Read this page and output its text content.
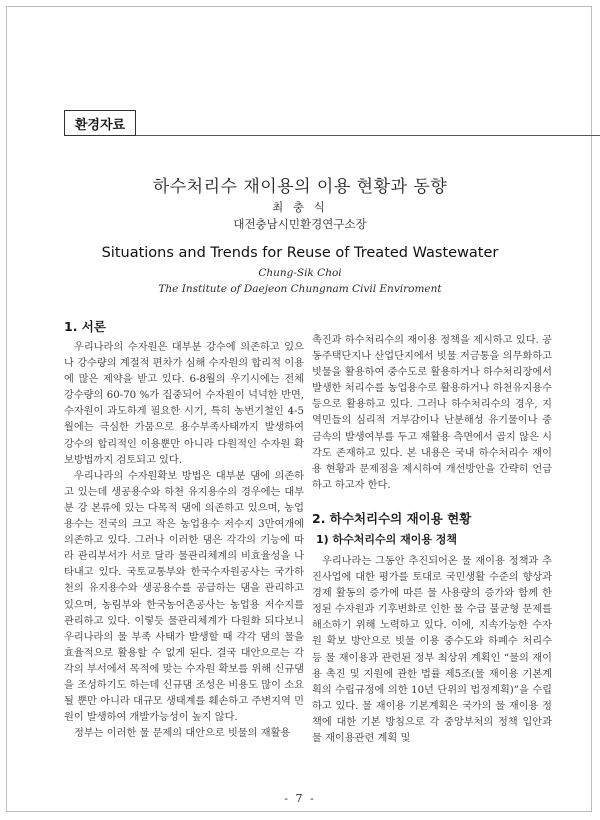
환경자료
하수처리수 재이용의 이용 현황과 동향
최 충 식
대전충남시민환경연구소장
Situations and Trends for Reuse of Treated Wastewater
Chung-Sik Choi
The Institute of Daejeon Chungnam Civil Enviroment
1. 서론

우리나라의 수자원은 대부분 강수에 의존하고 있으나 강수량의 계절적 편차가 심해 수자원의 합리적 이용에 많은 제약을 받고 있다. 6-8월의 우기시에는 전체 강수량의 60-70 %가 집중되어 수자원이 넉넉한 반면, 수자원이 과도하게 필요한 시기, 특히 농번기철인 4-5월에는 극심한 가뭄으로 용수부족사태까지 발생하여 강수의 합리적인 이용뿐만 아니라 다원적인 수자원 확보방법까지 검토되고 있다.

우리나라의 수자원확보 방법은 대부분 댐에 의존하고 있는데 생공용수와 하천 유지용수의 경우에는 대부분 강 본류에 있는 다목적 댐에 의존하고 있으며, 농업용수는 전국의 크고 작은 농업용수 저수지 3만여개에 의존하고 있다. 그러나 이러한 댐은 각각의 기능에 따라 관리부서가 서로 달라 물관리체계의 비효율성을 나타내고 있다. 국토교통부와 한국수자원공사는 국가하천의 유지용수와 생공용수를 공급하는 댐을 관리하고 있으며, 농림부와 한국농어촌공사는 농업용 저수지를 관리하고 있다. 이렇듯 물관리체계가 다원화 되다보니 우리나라의 물 부족 사태가 발생할 때 각각 댐의 물을 효율적으로 활용할 수 없게 된다. 결국 대안으로는 각각의 부서에서 목적에 맞는 수자원 확보를 위해 신규댐을 조성하기도 하는데 신규댐 조성은 비용도 많이 소요될 뿐만 아니라 대규모 생태계를 훼손하고 주변지역 민원이 발생하여 개발가능성이 높지 않다.

정부는 이러한 물 문제의 대안으로 빗물의 재활용

촉진과 하수처리수의 재이용 정책을 제시하고 있다. 공동주택단지나 산업단지에서 빗물 저금통을 의무화하고 빗물을 활용하여 중수도로 활용하거나 하수처리장에서 발생한 처리수를 농업용수로 활용하거나 하천유지용수 등으로 활용하고 있다. 그러나 하수처리수의 경우, 지역민들의 심리적 거부감이나 난분해성 유기물이나 중금속의 발생여부를 두고 재활용 측면에서 곱지 않은 시각도 존재하고 있다. 본 내용은 국내 하수처리수 재이용 현황과 문제점을 제시하여 개선방안을 간략히 언급하고 하고자 한다.

2. 하수처리수의 재이용 현황
1) 하수처리수의 재이용 정책

우리나라는 그동안 추진되어온 물 재이용 정책과 추진사업에 대한 평가를 토대로 국민생활 수준의 향상과 경제 활동의 증가에 따른 물 사용량의 증가와 함께 한정된 수자원과 기후변화로 인한 물 수급 불균형 문제를 해소하기 위해 노력하고 있다. 이에, 지속가능한 수자원 확보 방안으로 빗물 이용 중수도와 하폐수 처리수 등 물 재이용과 관련된 정부 최상위 계획인 “물의 재이용 촉진 및 지원에 관한 법률 제5조(물 재이용 기본계획의 수립규정에 의한 10년 단위의 법정계획)”을 수립하고 있다. 물 재이용 기본계획은 국가의 물 재이용 정책에 대한 기본 방침으로 각 중앙부처의 정책 입안과 물 재이용관련 계획 및

- 7 -
